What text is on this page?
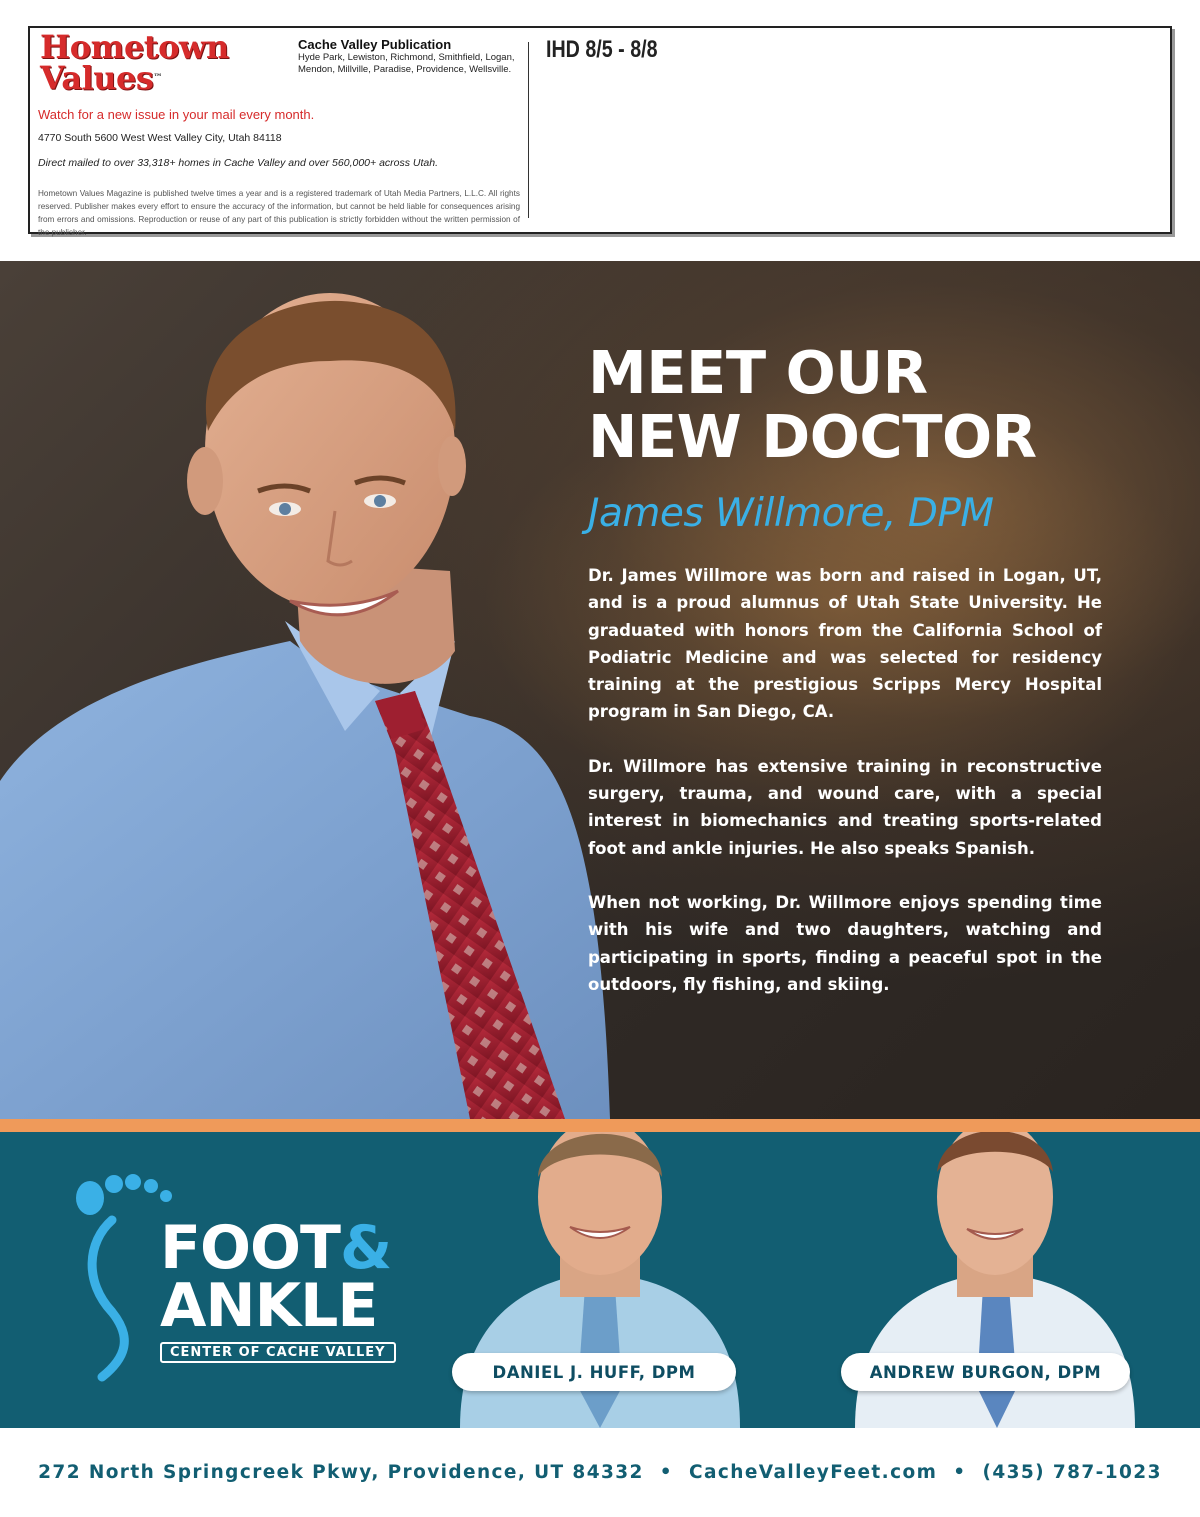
Hometown
Values™
Cache Valley Publication
Hyde Park, Lewiston, Richmond, Smithfield, Logan, Mendon, Millville, Paradise, Providence, Wellsville.
Watch for a new issue in your mail every month.
4770 South 5600 West West Valley City, Utah 84118
Direct mailed to over 33,318+ homes in Cache Valley and over 560,000+ across Utah.
Hometown Values Magazine is published twelve times a year and is a registered trademark of Utah Media Partners, L.L.C. All rights reserved. Publisher makes every effort to ensure the accuracy of the information, but cannot be held liable for consequences arising from errors and omissions. Reproduction or reuse of any part of this publication is strictly forbidden without the written permission of the publisher.
IHD 8/5 - 8/8
MEET OUR
NEW DOCTOR
James Willmore, DPM

Dr. James Willmore was born and raised in Logan, UT, and is a proud alumnus of Utah State University. He graduated with honors from the California School of Podiatric Medicine and was selected for residency training at the prestigious Scripps Mercy Hospital program in San Diego, CA.

Dr. Willmore has extensive training in reconstructive surgery, trauma, and wound care, with a special interest in biomechanics and treating sports-related foot and ankle injuries. He also speaks Spanish.

When not working, Dr. Willmore enjoys spending time with his wife and two daughters, watching and participating in sports, finding a peaceful spot in the outdoors, fly fishing, and skiing.

FOOT&
ANKLE
CENTER OF CACHE VALLEY
DANIEL J. HUFF, DPM	ANDREW BURGON, DPM
272 North Springcreek Pkwy, Providence, UT 84332 • CacheValleyFeet.com • (435) 787-1023
